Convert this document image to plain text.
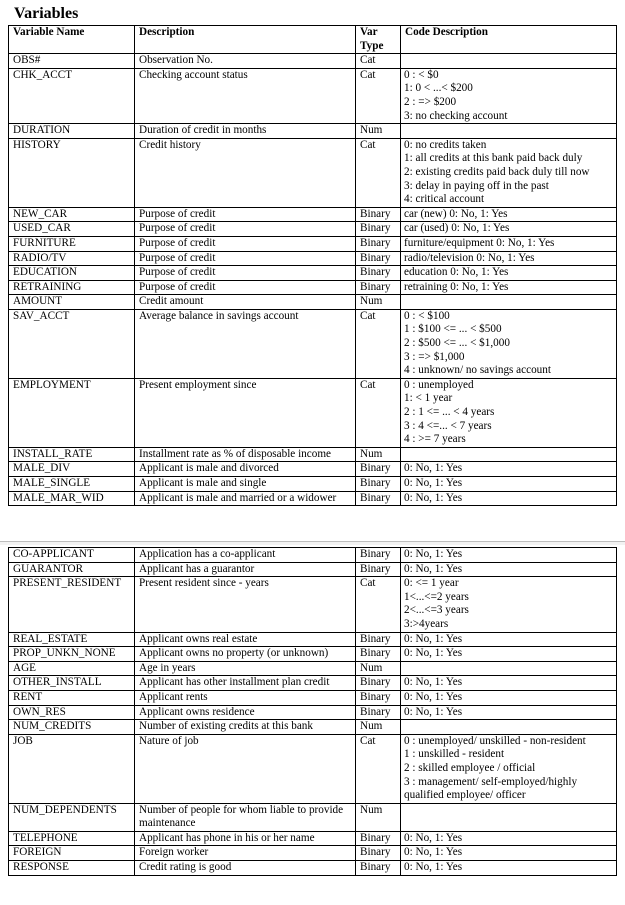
Variables
Variable Name	Description	Var Type	Code Description
OBS#	Observation No.	Cat	
CHK_ACCT	Checking account status	Cat	0 : < $0
1: 0 < ...< $200
2 : => $200
3: no checking account
DURATION	Duration of credit in months	Num	
HISTORY	Credit history	Cat	0: no credits taken
1: all credits at this bank paid back duly
2: existing credits paid back duly till now
3: delay in paying off in the past
4: critical account
NEW_CAR	Purpose of credit	Binary	car (new) 0: No, 1: Yes
USED_CAR	Purpose of credit	Binary	car (used) 0: No, 1: Yes
FURNITURE	Purpose of credit	Binary	furniture/equipment 0: No, 1: Yes
RADIO/TV	Purpose of credit	Binary	radio/television 0: No, 1: Yes
EDUCATION	Purpose of credit	Binary	education 0: No, 1: Yes
RETRAINING	Purpose of credit	Binary	retraining 0: No, 1: Yes
AMOUNT	Credit amount	Num	
SAV_ACCT	Average balance in savings account	Cat	0 : < $100
1 : $100 <= ... < $500
2 : $500 <= ... < $1,000
3 : => $1,000
4 : unknown/ no savings account
EMPLOYMENT	Present employment since	Cat	0 : unemployed
1: < 1 year
2 : 1 <= ... < 4 years
3 : 4 <=... < 7 years
4 : >= 7 years
INSTALL_RATE	Installment rate as % of disposable income	Num	
MALE_DIV	Applicant is male and divorced	Binary	0: No, 1: Yes
MALE_SINGLE	Applicant is male and single	Binary	0: No, 1: Yes
MALE_MAR_WID	Applicant is male and married or a widower	Binary	0: No, 1: Yes
CO-APPLICANT	Application has a co-applicant	Binary	0: No, 1: Yes
GUARANTOR	Applicant has a guarantor	Binary	0: No, 1: Yes
PRESENT_RESIDENT	Present resident since - years	Cat	0: <= 1 year
1<...<=2 years
2<...<=3 years
3:>4years
REAL_ESTATE	Applicant owns real estate	Binary	0: No, 1: Yes
PROP_UNKN_NONE	Applicant owns no property (or unknown)	Binary	0: No, 1: Yes
AGE	Age in years	Num	
OTHER_INSTALL	Applicant has other installment plan credit	Binary	0: No, 1: Yes
RENT	Applicant rents	Binary	0: No, 1: Yes
OWN_RES	Applicant owns residence	Binary	0: No, 1: Yes
NUM_CREDITS	Number of existing credits at this bank	Num	
JOB	Nature of job	Cat	0 : unemployed/ unskilled - non-resident
1 : unskilled - resident
2 : skilled employee / official
3 : management/ self-employed/highly qualified employee/ officer
NUM_DEPENDENTS	Number of people for whom liable to provide maintenance	Num	
TELEPHONE	Applicant has phone in his or her name	Binary	0: No, 1: Yes
FOREIGN	Foreign worker	Binary	0: No, 1: Yes
RESPONSE	Credit rating is good	Binary	0: No, 1: Yes
